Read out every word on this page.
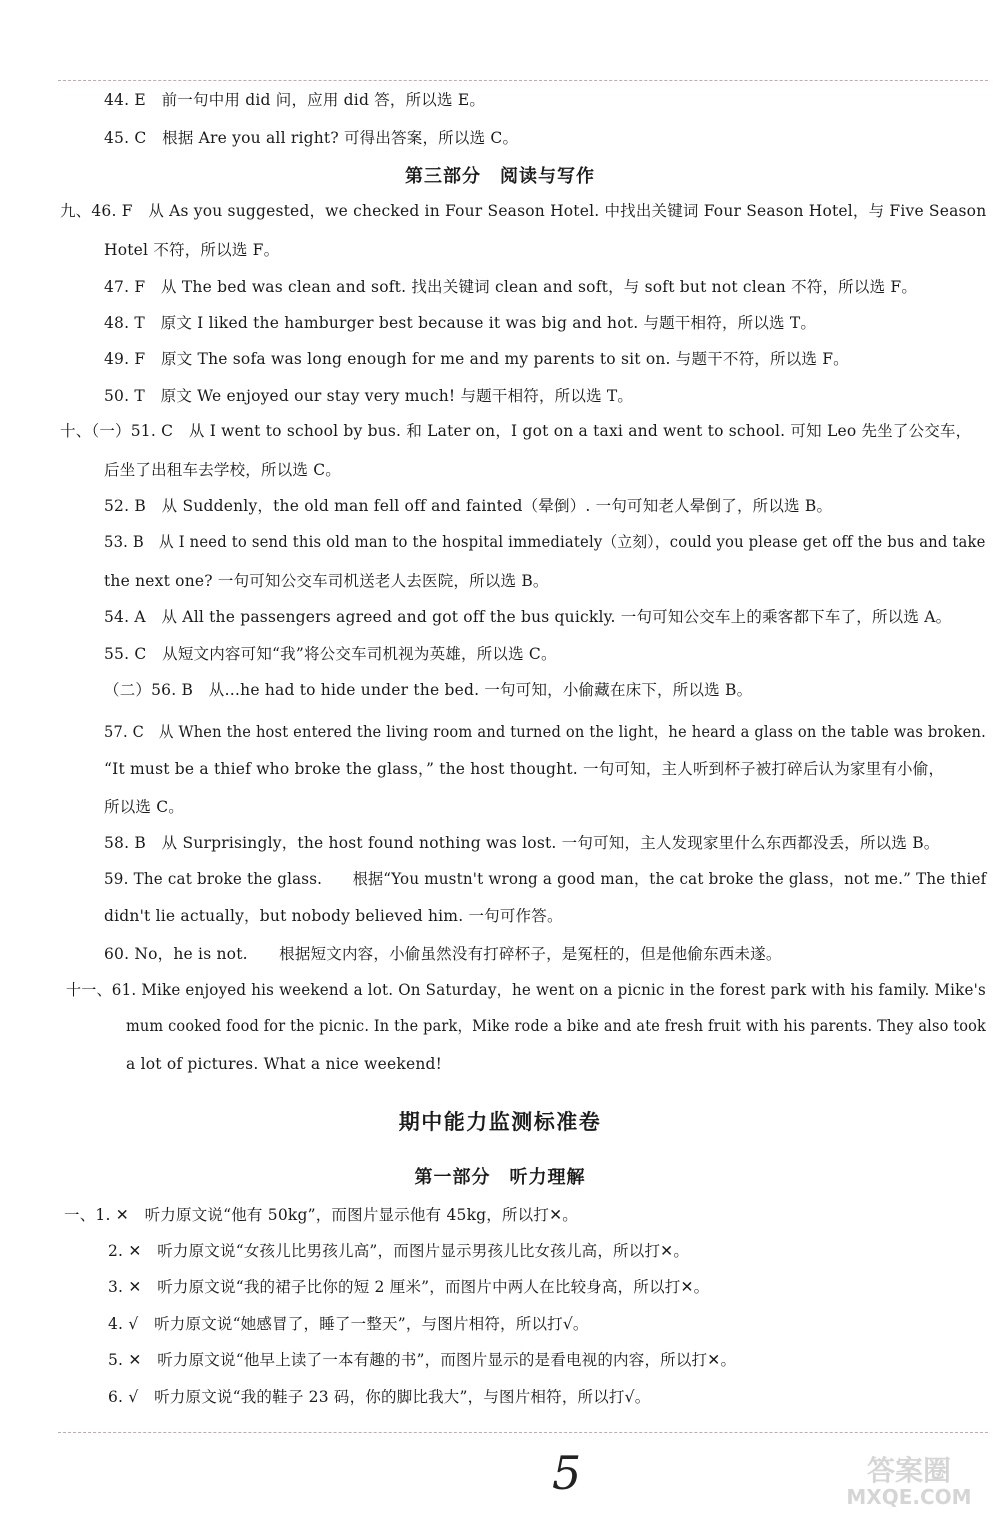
44. E　前一句中用 did 问，应用 did 答，所以选 E。
45. C　根据 Are you all right? 可得出答案，所以选 C。
第三部分　阅读与写作
九、46. F　从 As you suggested，we checked in Four Season Hotel. 中找出关键词 Four Season Hotel，与 Five Season
Hotel 不符，所以选 F。
47. F　从 The bed was clean and soft. 找出关键词 clean and soft，与 soft but not clean 不符，所以选 F。
48. T　原文 I liked the hamburger best because it was big and hot. 与题干相符，所以选 T。
49. F　原文 The sofa was long enough for me and my parents to sit on. 与题干不符，所以选 F。
50. T　原文 We enjoyed our stay very much! 与题干相符，所以选 T。
十、（一）51. C　从 I went to school by bus. 和 Later on，I got on a taxi and went to school. 可知 Leo 先坐了公交车，
后坐了出租车去学校，所以选 C。
52. B　从 Suddenly，the old man fell off and fainted（晕倒）. 一句可知老人晕倒了，所以选 B。
53. B　从 I need to send this old man to the hospital immediately（立刻），could you please get off the bus and take
the next one? 一句可知公交车司机送老人去医院，所以选 B。
54. A　从 All the passengers agreed and got off the bus quickly. 一句可知公交车上的乘客都下车了，所以选 A。
55. C　从短文内容可知“我”将公交车司机视为英雄，所以选 C。
（二）56. B　从…he had to hide under the bed. 一句可知，小偷藏在床下，所以选 B。
57. C　从 When the host entered the living room and turned on the light，he heard a glass on the table was broken.
“It must be a thief who broke the glass，” the host thought. 一句可知，主人听到杯子被打碎后认为家里有小偷，
所以选 C。
58. B　从 Surprisingly，the host found nothing was lost. 一句可知，主人发现家里什么东西都没丢，所以选 B。
59. The cat broke the glass.　　根据“You mustn't wrong a good man，the cat broke the glass，not me.” The thief
didn't lie actually，but nobody believed him. 一句可作答。
60. No，he is not.　　根据短文内容，小偷虽然没有打碎杯子，是冤枉的，但是他偷东西未遂。
十一、61. Mike enjoyed his weekend a lot. On Saturday，he went on a picnic in the forest park with his family. Mike's
mum cooked food for the picnic. In the park，Mike rode a bike and ate fresh fruit with his parents. They also took
a lot of pictures. What a nice weekend!
期中能力监测标准卷
第一部分　听力理解
一、1. ✕　听力原文说“他有 50kg”，而图片显示他有 45kg，所以打✕。
2. ✕　听力原文说“女孩儿比男孩儿高”，而图片显示男孩儿比女孩儿高，所以打✕。
3. ✕　听力原文说“我的裙子比你的短 2 厘米”，而图片中两人在比较身高，所以打✕。
4. √　听力原文说“她感冒了，睡了一整天”，与图片相符，所以打√。
5. ✕　听力原文说“他早上读了一本有趣的书”，而图片显示的是看电视的内容，所以打✕。
6. √　听力原文说“我的鞋子 23 码，你的脚比我大”，与图片相符，所以打√。
5	答案圈
MXQE.COM
